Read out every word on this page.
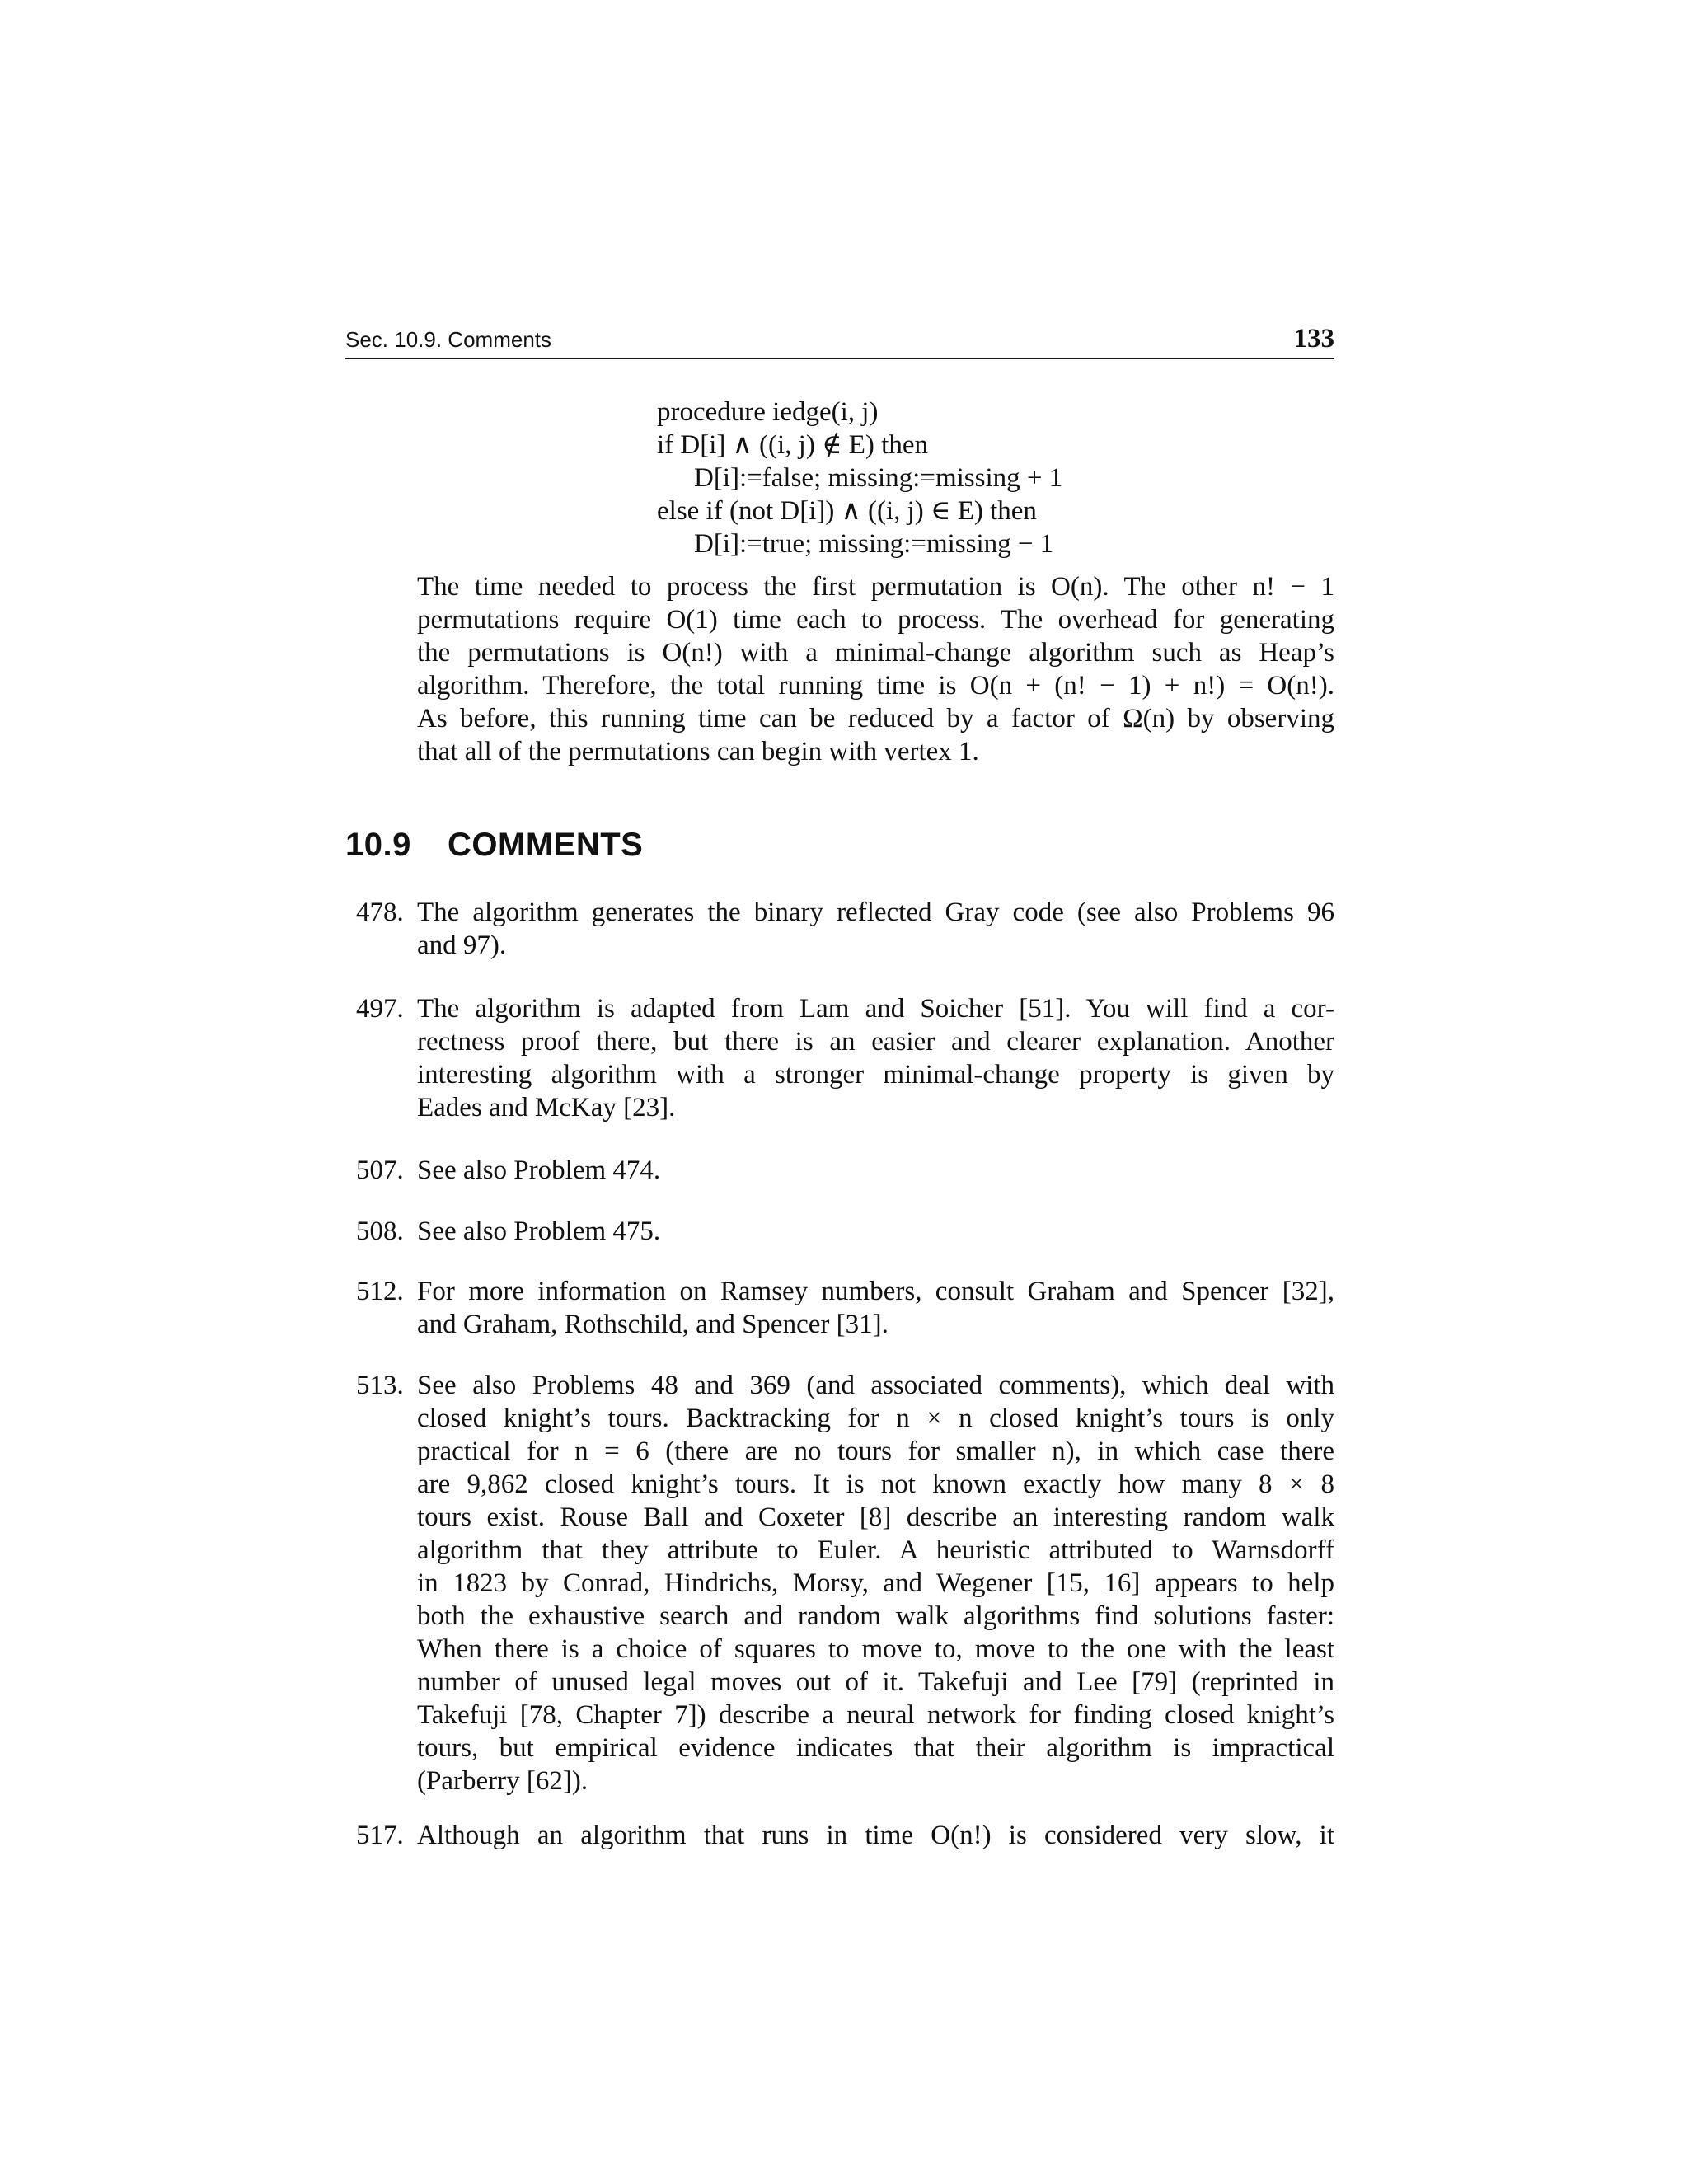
Sec. 10.9. Comments	133
procedure iedge(i, j)
if D[i] ∧ ((i, j) ∉ E) then
D[i]:=false; missing:=missing + 1
else if (not D[i]) ∧ ((i, j) ∈ E) then
D[i]:=true; missing:=missing − 1
The time needed to process the first permutation is O(n). The other n! − 1
permutations require O(1) time each to process. The overhead for generating
the permutations is O(n!) with a minimal-change algorithm such as Heap’s
algorithm. Therefore, the total running time is O(n + (n! − 1) + n!) = O(n!).
As before, this running time can be reduced by a factor of Ω(n) by observing
that all of the permutations can begin with vertex 1.
10.9 COMMENTS
478. The algorithm generates the binary reflected Gray code (see also Problems 96
and 97).
497. The algorithm is adapted from Lam and Soicher [51]. You will find a cor-
rectness proof there, but there is an easier and clearer explanation. Another
interesting algorithm with a stronger minimal-change property is given by
Eades and McKay [23].
507. See also Problem 474.
508. See also Problem 475.
512. For more information on Ramsey numbers, consult Graham and Spencer [32],
and Graham, Rothschild, and Spencer [31].
513. See also Problems 48 and 369 (and associated comments), which deal with
closed knight’s tours. Backtracking for n × n closed knight’s tours is only
practical for n = 6 (there are no tours for smaller n), in which case there
are 9,862 closed knight’s tours. It is not known exactly how many 8 × 8
tours exist. Rouse Ball and Coxeter [8] describe an interesting random walk
algorithm that they attribute to Euler. A heuristic attributed to Warnsdorff
in 1823 by Conrad, Hindrichs, Morsy, and Wegener [15, 16] appears to help
both the exhaustive search and random walk algorithms find solutions faster:
When there is a choice of squares to move to, move to the one with the least
number of unused legal moves out of it. Takefuji and Lee [79] (reprinted in
Takefuji [78, Chapter 7]) describe a neural network for finding closed knight’s
tours, but empirical evidence indicates that their algorithm is impractical
(Parberry [62]).
517. Although an algorithm that runs in time O(n!) is considered very slow, it
